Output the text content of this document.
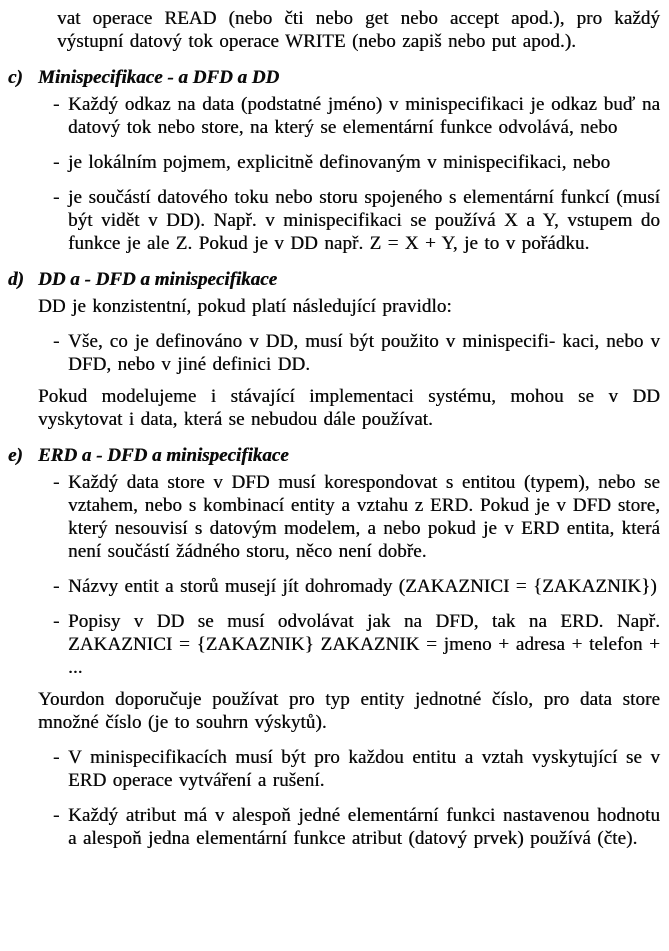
vat operace READ (nebo čti nebo get nebo accept apod.), pro každý výstupní datový tok operace WRITE (nebo zapiš nebo put apod.).

c) Minispecifikace - a DFD a DD
- Každý odkaz na data (podstatné jméno) v minispecifikaci je odkaz buď na datový tok nebo store, na který se elementární funkce odvolává, nebo

- je lokálním pojmem, explicitně definovaným v minispecifikaci, nebo

- je součástí datového toku nebo storu spojeného s elementární funkcí (musí být vidět v DD). Např. v minispecifikaci se používá X a Y, vstupem do funkce je ale Z. Pokud je v DD např. Z = X + Y, je to v pořádku.

d) DD a - DFD a minispecifikace

DD je konzistentní, pokud platí následující pravidlo:

- Vše, co je definováno v DD, musí být použito v minispecifi- kaci, nebo v DFD, nebo v jiné definici DD.

Pokud modelujeme i stávající implementaci systému, mohou se v DD vyskytovat i data, která se nebudou dále používat.

e) ERD a - DFD a minispecifikace
- Každý data store v DFD musí korespondovat s entitou (typem), nebo se vztahem, nebo s kombinací entity a vztahu z ERD. Pokud je v DFD store, který nesouvisí s datovým modelem, a nebo pokud je v ERD entita, která není součástí žádného storu, něco není dobře.

- Názvy entit a storů musejí jít dohromady (ZAKAZNICI = {ZAKAZNIK})

- Popisy v DD se musí odvolávat jak na DFD, tak na ERD. Např. ZAKAZNICI = {ZAKAZNIK} ZAKAZNIK = jmeno + adresa + telefon + ...

Yourdon doporučuje používat pro typ entity jednotné číslo, pro data store množné číslo (je to souhrn výskytů).

- V minispecifikacích musí být pro každou entitu a vztah vyskytující se v ERD operace vytváření a rušení.

- Každý atribut má v alespoň jedné elementární funkci nastavenou hodnotu a alespoň jedna elementární funkce atribut (datový prvek) používá (čte).
